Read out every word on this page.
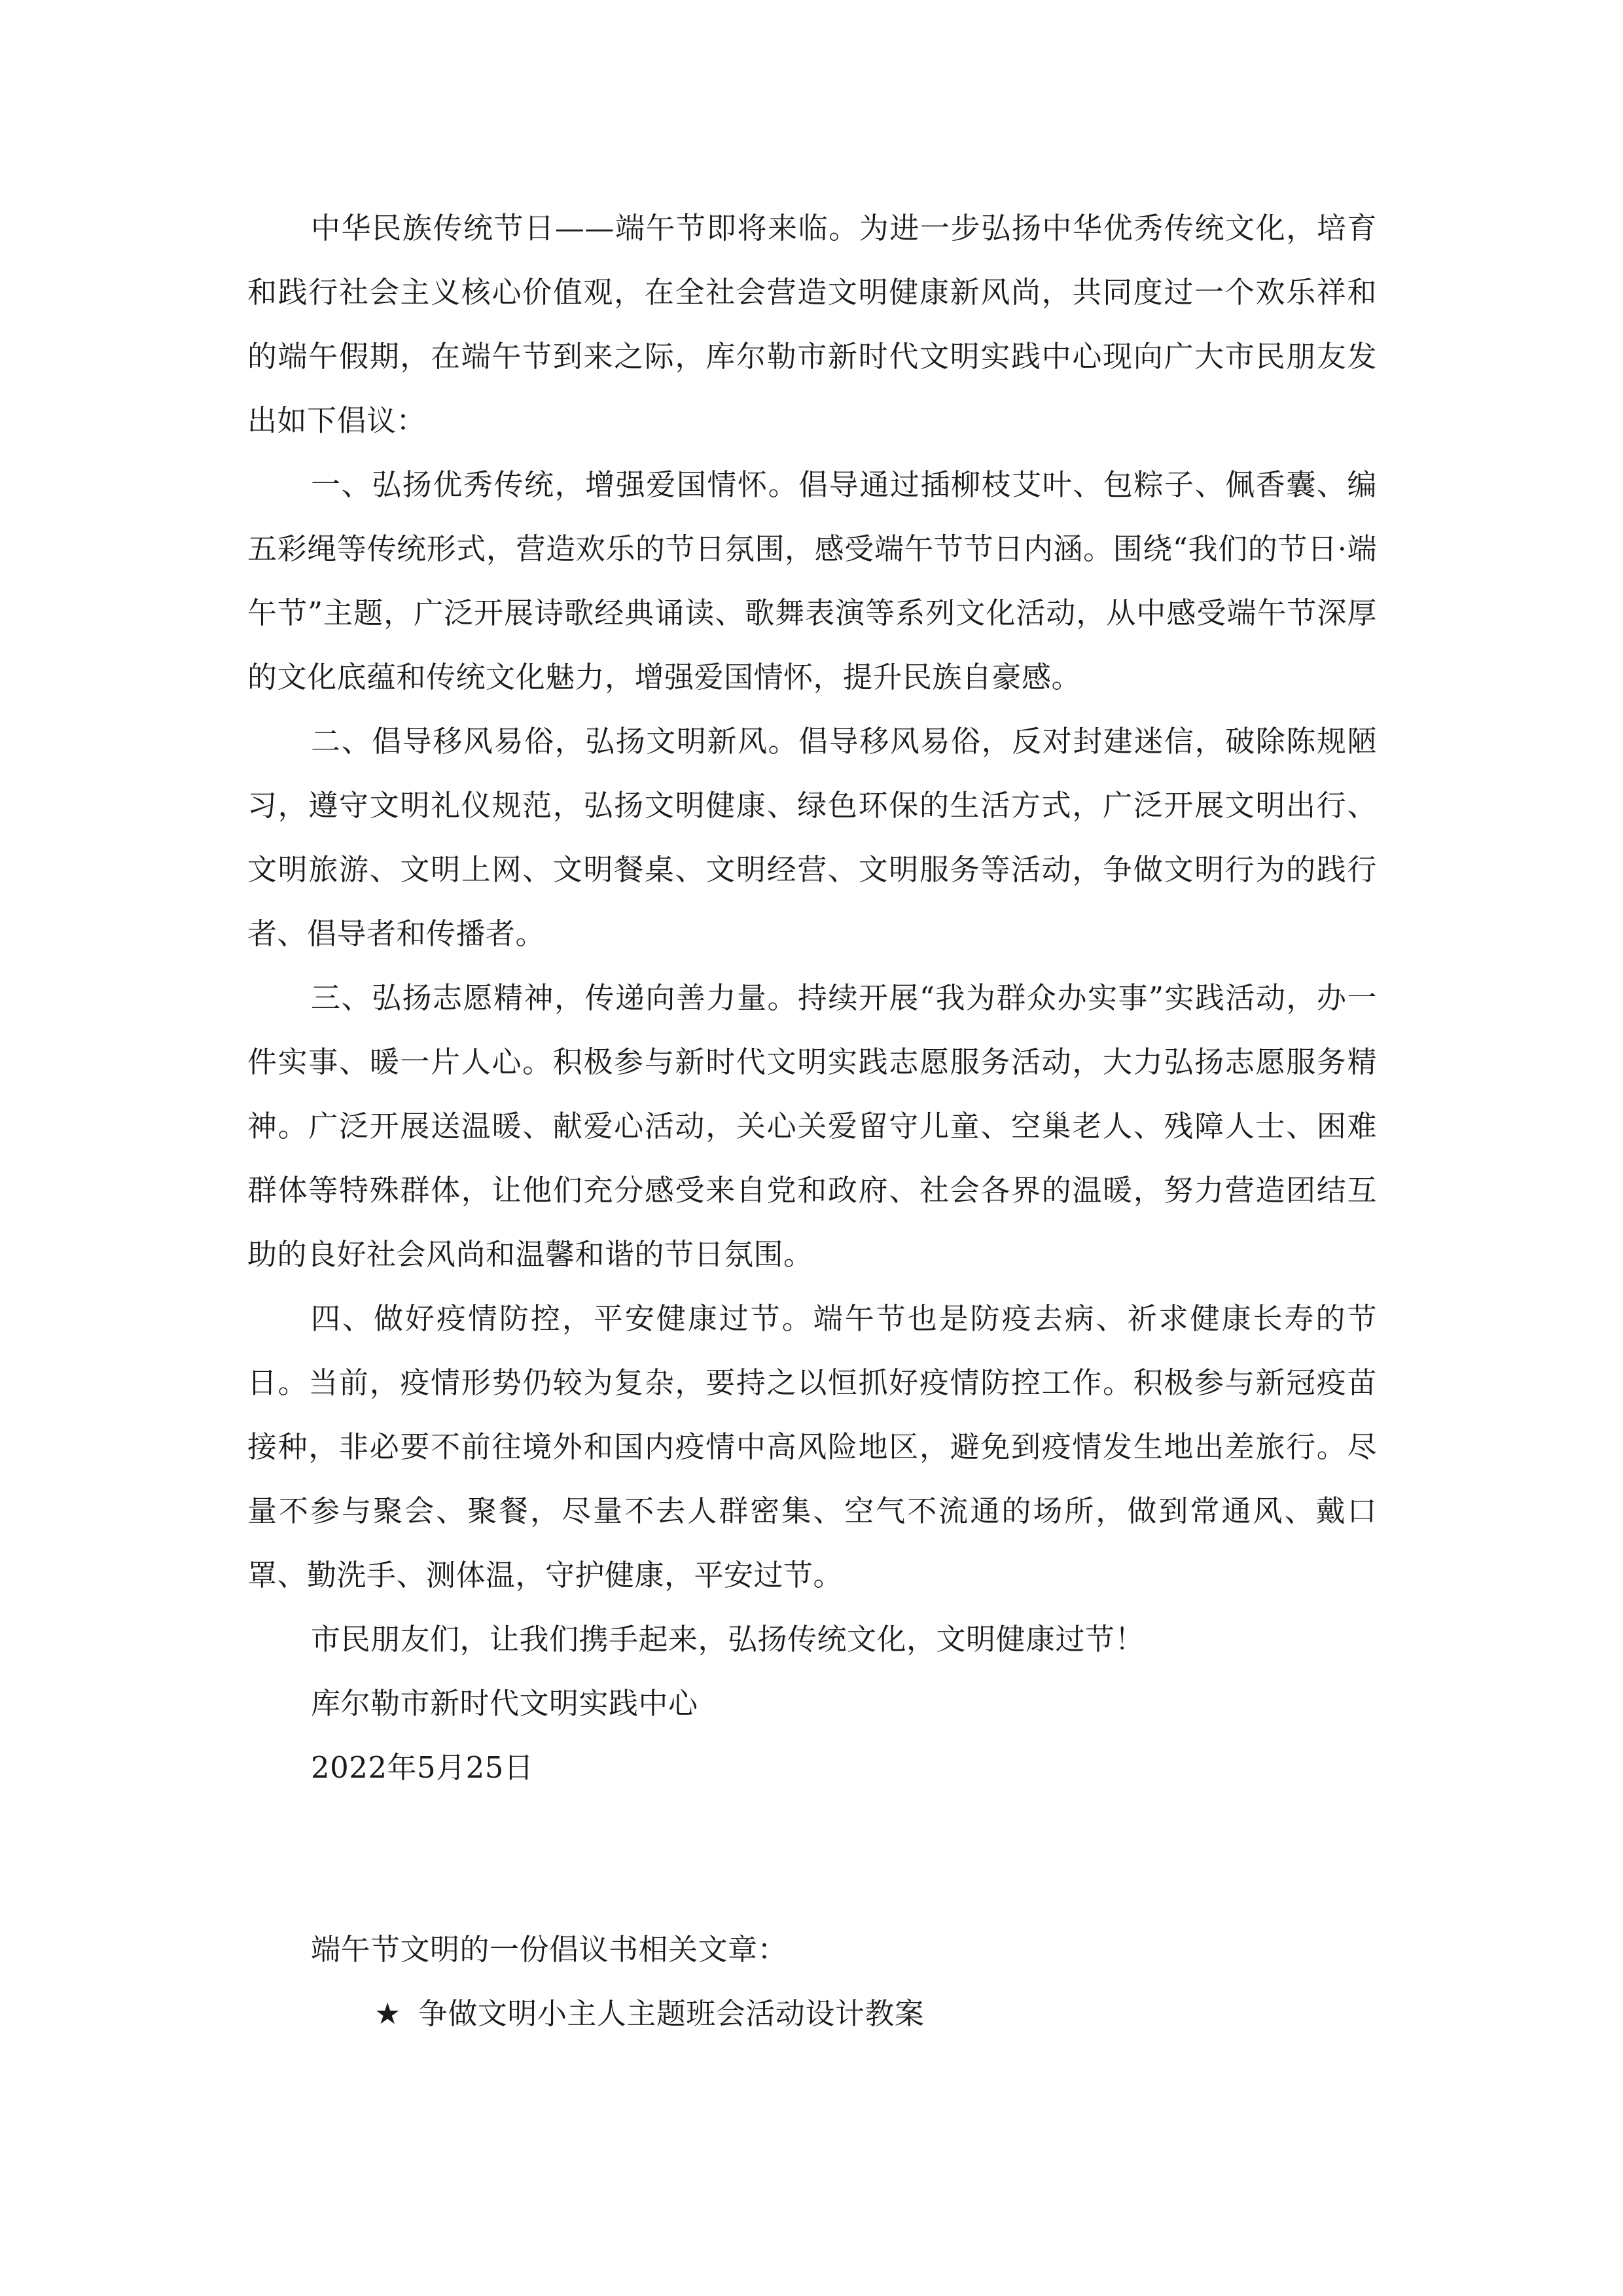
中华民族传统节日——端午节即将来临。为进一步弘扬中华优秀传统文化，培育和践行社会主义核心价值观，在全社会营造文明健康新风尚，共同度过一个欢乐祥和的端午假期，在端午节到来之际，库尔勒市新时代文明实践中心现向广大市民朋友发出如下倡议：

一、弘扬优秀传统，增强爱国情怀。倡导通过插柳枝艾叶、包粽子、佩香囊、编五彩绳等传统形式，营造欢乐的节日氛围，感受端午节节日内涵。围绕“我们的节日·端午节”主题，广泛开展诗歌经典诵读、歌舞表演等系列文化活动，从中感受端午节深厚的文化底蕴和传统文化魅力，增强爱国情怀，提升民族自豪感。

二、倡导移风易俗，弘扬文明新风。倡导移风易俗，反对封建迷信，破除陈规陋习，遵守文明礼仪规范，弘扬文明健康、绿色环保的生活方式，广泛开展文明出行、文明旅游、文明上网、文明餐桌、文明经营、文明服务等活动，争做文明行为的践行者、倡导者和传播者。

三、弘扬志愿精神，传递向善力量。持续开展“我为群众办实事”实践活动，办一件实事、暖一片人心。积极参与新时代文明实践志愿服务活动，大力弘扬志愿服务精神。广泛开展送温暖、献爱心活动，关心关爱留守儿童、空巢老人、残障人士、困难群体等特殊群体，让他们充分感受来自党和政府、社会各界的温暖，努力营造团结互助的良好社会风尚和温馨和谐的节日氛围。

四、做好疫情防控，平安健康过节。端午节也是防疫去病、祈求健康长寿的节日。当前，疫情形势仍较为复杂，要持之以恒抓好疫情防控工作。积极参与新冠疫苗接种，非必要不前往境外和国内疫情中高风险地区，避免到疫情发生地出差旅行。尽量不参与聚会、聚餐，尽量不去人群密集、空气不流通的场所，做到常通风、戴口罩、勤洗手、测体温，守护健康，平安过节。

市民朋友们，让我们携手起来，弘扬传统文化，文明健康过节！

库尔勒市新时代文明实践中心

2022年5月25日

端午节文明的一份倡议书相关文章：

★ 争做文明小主人主题班会活动设计教案
